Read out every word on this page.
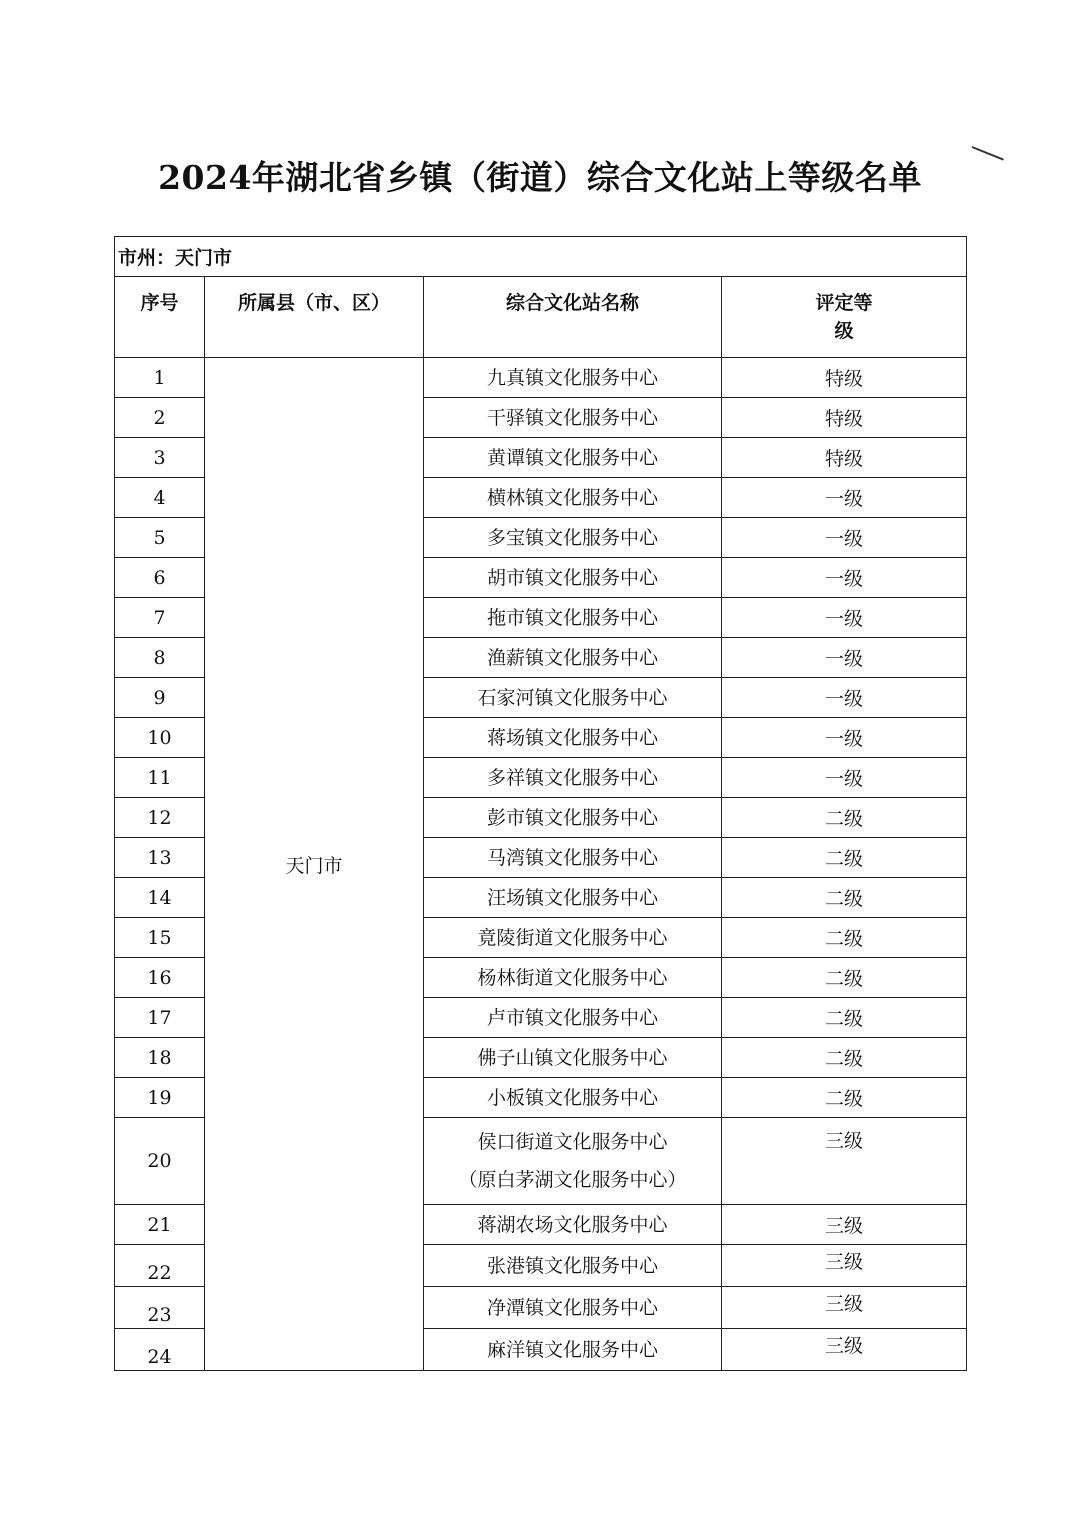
2024年湖北省乡镇（街道）综合文化站上等级名单
市州：天门市			
序号	所属县（市、区）	综合文化站名称	评定等
级

1	天门市	九真镇文化服务中心	特级
2		干驿镇文化服务中心	特级
3		黄谭镇文化服务中心	特级
4		横林镇文化服务中心	一级
5		多宝镇文化服务中心	一级
6		胡市镇文化服务中心	一级
7		拖市镇文化服务中心	一级
8		渔薪镇文化服务中心	一级
9		石家河镇文化服务中心	一级
10		蒋场镇文化服务中心	一级
11		多祥镇文化服务中心	一级
12		彭市镇文化服务中心	二级
13		马湾镇文化服务中心	二级
14		汪场镇文化服务中心	二级
15		竟陵街道文化服务中心	二级
16		杨林街道文化服务中心	二级
17		卢市镇文化服务中心	二级
18		佛子山镇文化服务中心	二级
19		小板镇文化服务中心	二级
20		侯口街道文化服务中心
（原白茅湖文化服务中心）	三级
21		蒋湖农场文化服务中心	三级
22		张港镇文化服务中心	三级
23		净潭镇文化服务中心	三级
24		麻洋镇文化服务中心	三级
